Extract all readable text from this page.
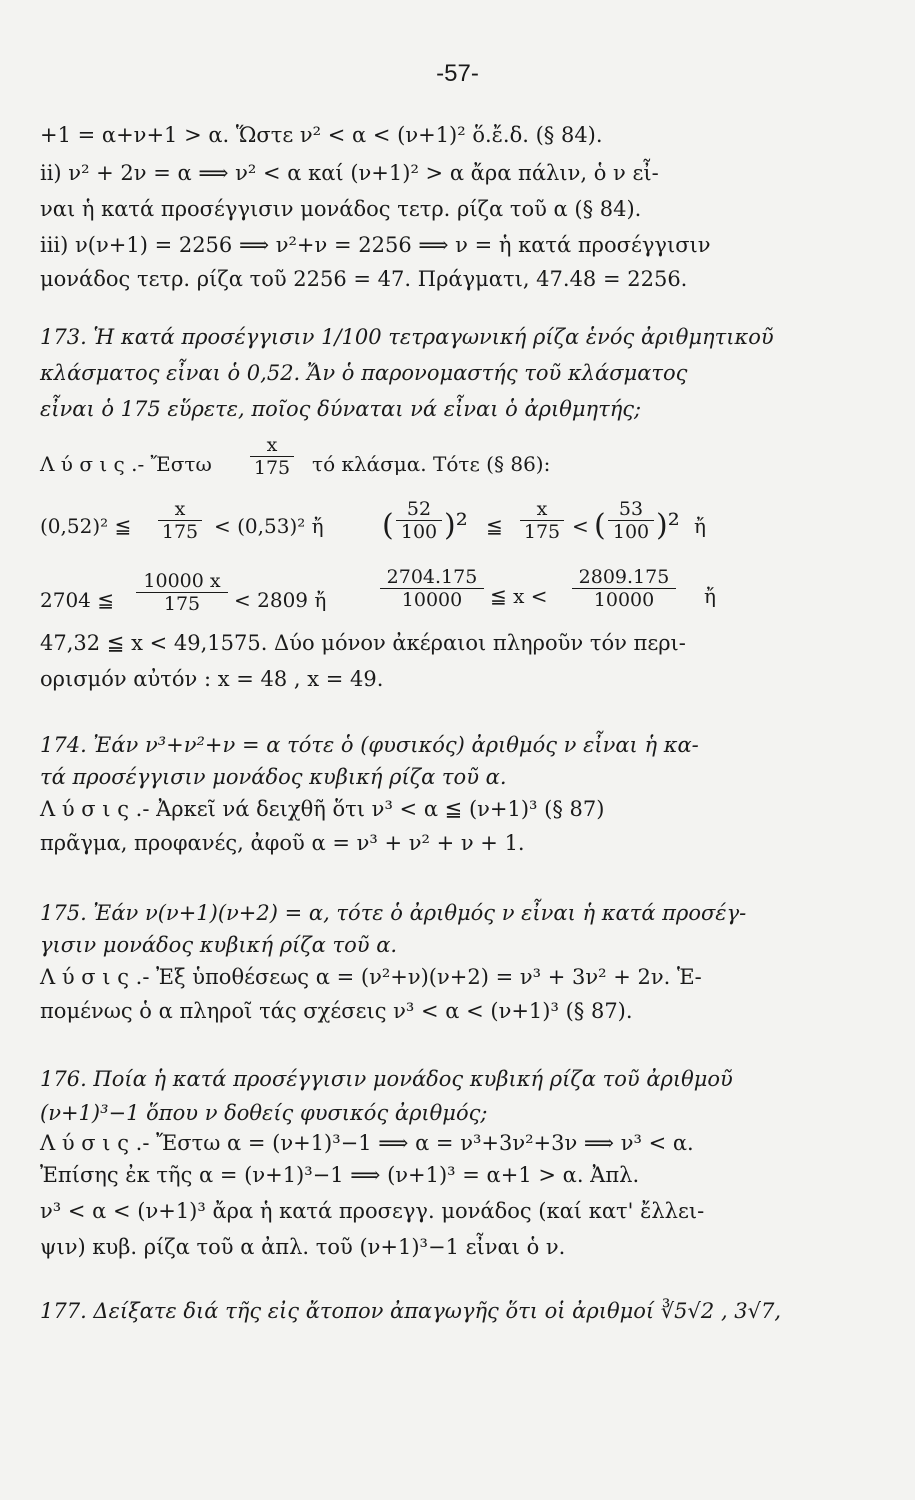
-57-
+1 = α+ν+1 > α. Ὥστε ν² < α < (ν+1)² ὅ.ἔ.δ. (§ 84).
ii) ν² + 2ν = α ⟹ ν² < α καί (ν+1)² > α ἄρα πάλιν, ὁ ν εἶ-
ναι ἡ κατά προσέγγισιν μονάδος τετρ. ρίζα τοῦ α (§ 84).
iii) ν(ν+1) = 2256 ⟹ ν²+ν = 2256 ⟹ ν = ἡ κατά προσέγγισιν
μονάδος τετρ. ρίζα τοῦ 2256 = 47. Πράγματι, 47.48 = 2256.
173. Ἡ κατά προσέγγισιν 1/100 τετραγωνική ρίζα ἑνός ἀριθμητικοῦ
κλάσματος εἶναι ὁ 0,52. Ἄν ὁ παρονομαστής τοῦ κλάσματος
εἶναι ὁ 175 εὕρετε, ποῖος δύναται νά εἶναι ὁ ἀριθμητής;
Λ ύ σ ι ς .- Ἔστω $\frac{x}{175}$ τό κλάσμα. Τότε (§ 86):
(0,52)² ≦ $\frac{x}{175} < (0,53)^2$ ἤ ( $\frac{52}{100} )^2$ ≦ $\frac{x}{175}$ < ( $\frac{53}{100} )^2$ ἤ
2704 ≦ $\frac{10000 x}{175} < 2809$ ἤ	$\frac{2704.175}{10000}$ ≦ $x < \frac{2809.175}{10000}$ ἤ
47,32 ≦ x < 49,1575. Δύο μόνον ἀκέραιοι πληροῦν τόν περι-
ορισμόν αὐτόν : x = 48 , x = 49.
174. Ἐάν ν³+ν²+ν = α τότε ὁ (φυσικός) ἀριθμός ν εἶναι ἡ κα-
τά προσέγγισιν μονάδος κυβική ρίζα τοῦ α.
Λ ύ σ ι ς .- Ἀρκεῖ νά δειχθῆ ὅτι ν³ < α ≦ (ν+1)³ (§ 87)
πρᾶγμα, προφανές, ἀφοῦ α = ν³ + ν² + ν + 1.
175. Ἐάν ν(ν+1)(ν+2) = α, τότε ὁ ἀριθμός ν εἶναι ἡ κατά προσέγ-
γισιν μονάδος κυβική ρίζα τοῦ α.
Λ ύ σ ι ς .- Ἐξ ὑποθέσεως α = (ν²+ν)(ν+2) = ν³ + 3ν² + 2ν. Ἑ-
πομένως ὁ α πληροῖ τάς σχέσεις ν³ < α < (ν+1)³ (§ 87).
176. Ποία ἡ κατά προσέγγισιν μονάδος κυβική ρίζα τοῦ ἀριθμοῦ
(ν+1)³−1 ὅπου ν δοθείς φυσικός ἀριθμός;
Λ ύ σ ι ς .- Ἔστω α = (ν+1)³−1 ⟹ α = ν³+3ν²+3ν ⟹ ν³ < α.
Ἐπίσης ἐκ τῆς α = (ν+1)³−1 ⟹ (ν+1)³ = α+1 > α. Ἀπλ.
ν³ < α < (ν+1)³ ἄρα ἡ κατά προσεγγ. μονάδος (καί κατ' ἔλλει-
ψιν) κυβ. ρίζα τοῦ α ἀπλ. τοῦ (ν+1)³−1 εἶναι ὁ ν.
177. Δείξατε διά τῆς εἰς ἄτοπον ἀπαγωγῆς ὅτι οἱ ἀριθμοί ∛5√2 , 3√7,
